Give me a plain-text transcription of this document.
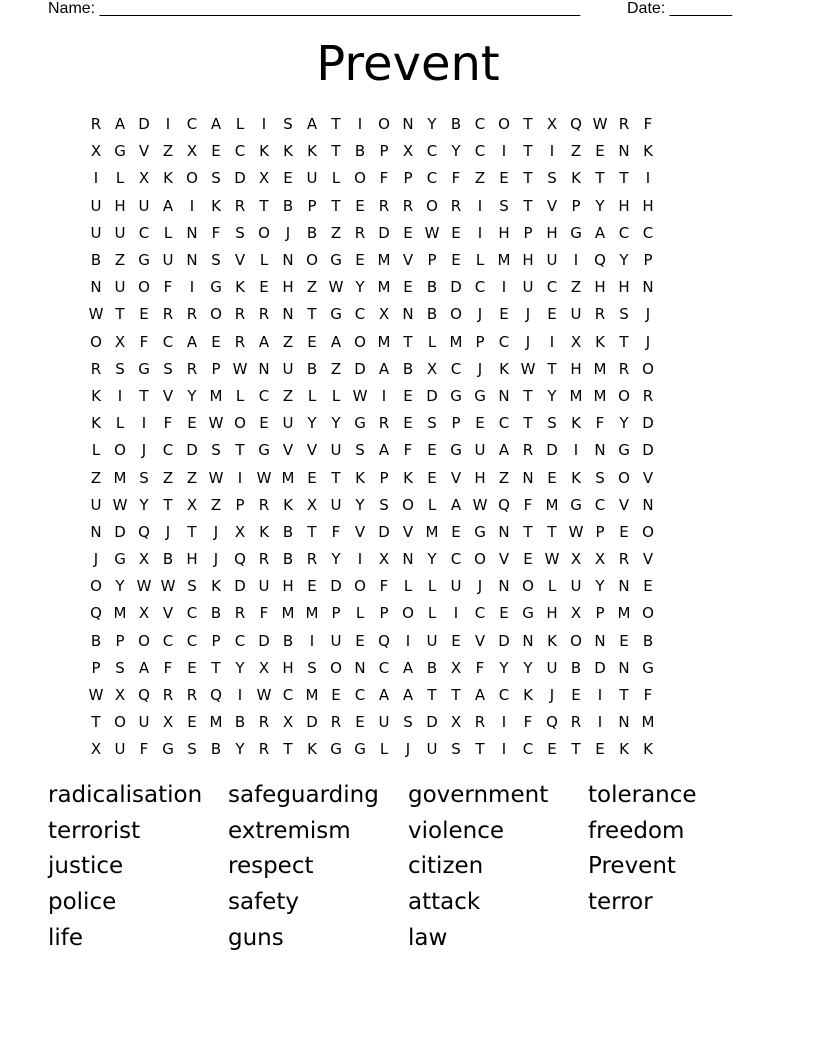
Name: ______________________________________________________	Date: _______
Prevent
R A D	I	C A L	I	S A T	I	O N Y B C O T X Q W R F
X G V Z X E C K K K T B P X C Y C	I	T	I	Z E N K
I	L X K O S D X E U L O F	P C F Z E T S K T T	I
U H U A	I	K R T B P T E R R O R	I	S T V P Y H H
U U C L N F S O	J	B Z R D E W E	I	H P H G A C C
B Z G U N S V L N O G E M V P E	L M H U	I	Q Y P
N U O F	I	G K E H Z W Y M E B D C	I	U C Z H H N
W T E R R O R R N T G C X N B O	J	E	J	E U R S	J
O X F C A E R A Z E A O M T	L M P C	J	I	X K T	J
R S G S R P W N U B Z D A B X C	J	K W T H M R O
K	I	T V Y M L C Z L	L W I	E D G G N T Y M M O R
K L	I	F E W O E U Y Y G R E S P E C T S K F	Y D
L O	J	C D S T G V V U S A F E G U A R D	I	N G D
Z M S Z Z W I W M E T K P K E V H Z N E K S O V
U W Y T X Z P R K X U Y S O L A W Q F M G C V N
N D Q	J	T	J	X K B T	F V D V M E G N T T W P E O
J	G X B H	J	Q R B R Y	I	X N Y C O V E W X X R V
O Y W W S K D U H E D O F	L	L U	J	N O L U Y N E
Q M X V C B R F M M P	L	P O L	I	C E G H X P M O
B P O C C P C D B	I	U E Q	I	U E V D N K O N E B
P S A F E T Y X H S O N C A B X F	Y Y U B D N G
W X Q R R Q	I W C M E C A A T T A C K	J	E	I	T	F
T O U X E M B R X D R E U S D X R	I	F Q R	I	N M
X U F G S B Y R T K G G L	J	U S T	I	C E T E K K
radicalisation	safeguarding	government	tolerance
terrorist	extremism	violence	freedom
justice	respect	citizen	Prevent
police	safety	attack	terror
life	guns	law
